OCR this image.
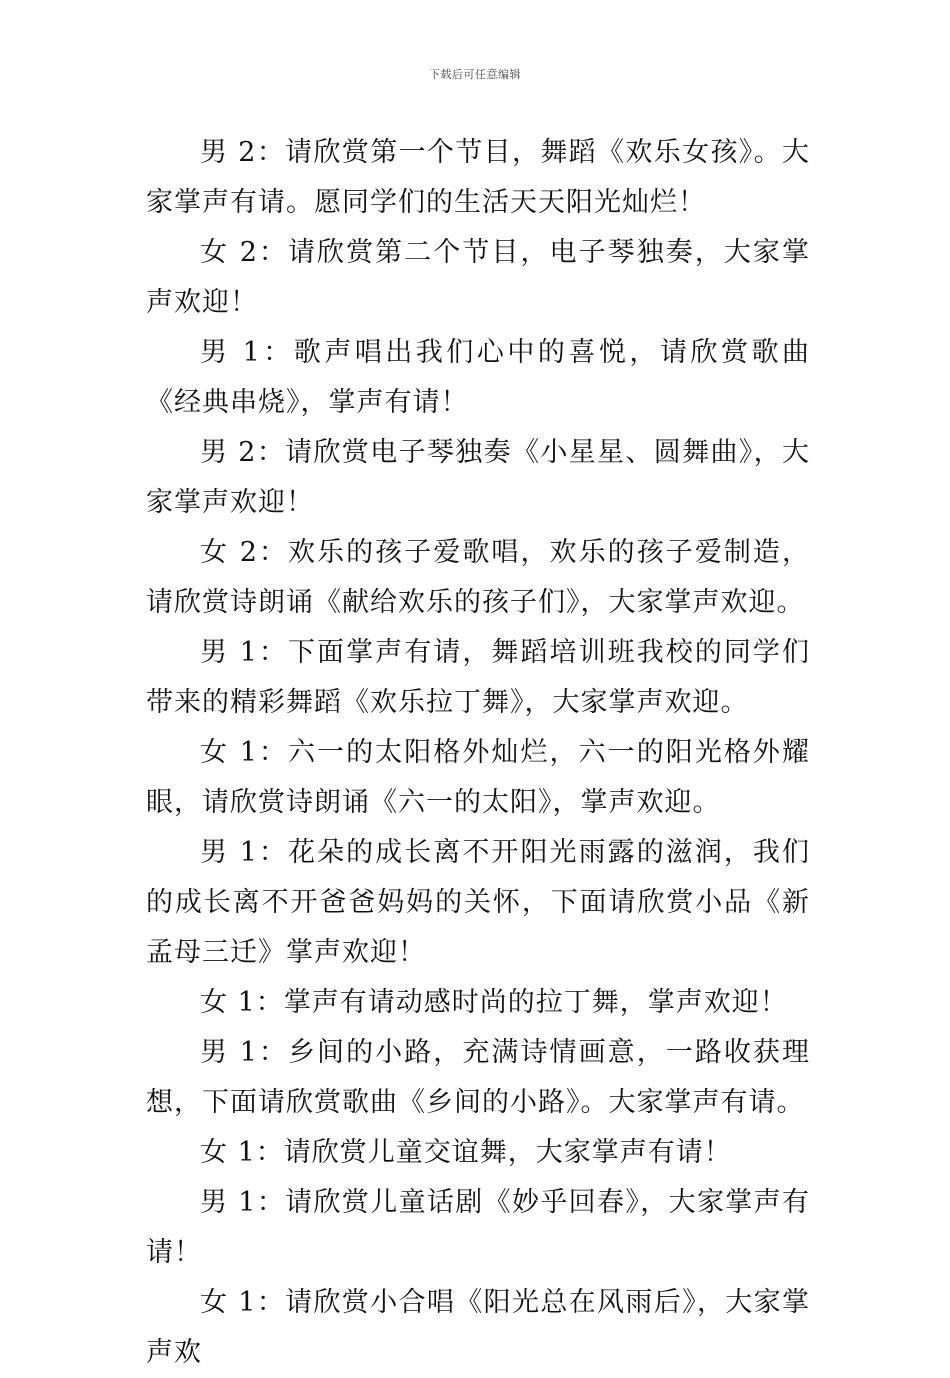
下载后可任意编辑

男 2：请欣赏第一个节目，舞蹈《欢乐女孩》。大家掌声有请。愿同学们的生活天天阳光灿烂！

女 2：请欣赏第二个节目，电子琴独奏，大家掌声欢迎！

男 1：歌声唱出我们心中的喜悦，请欣赏歌曲《经典串烧》，掌声有请！

男 2：请欣赏电子琴独奏《小星星、圆舞曲》，大家掌声欢迎！

女 2：欢乐的孩子爱歌唱，欢乐的孩子爱制造，请欣赏诗朗诵《献给欢乐的孩子们》，大家掌声欢迎。

男 1：下面掌声有请，舞蹈培训班我校的同学们带来的精彩舞蹈《欢乐拉丁舞》，大家掌声欢迎。

女 1：六一的太阳格外灿烂，六一的阳光格外耀眼，请欣赏诗朗诵《六一的太阳》，掌声欢迎。

男 1：花朵的成长离不开阳光雨露的滋润，我们的成长离不开爸爸妈妈的关怀，下面请欣赏小品《新孟母三迁》掌声欢迎！

女 1：掌声有请动感时尚的拉丁舞，掌声欢迎！

男 1：乡间的小路，充满诗情画意，一路收获理想，下面请欣赏歌曲《乡间的小路》。大家掌声有请。

女 1：请欣赏儿童交谊舞，大家掌声有请！

男 1：请欣赏儿童话剧《妙乎回春》，大家掌声有请！

女 1：请欣赏小合唱《阳光总在风雨后》，大家掌声欢
